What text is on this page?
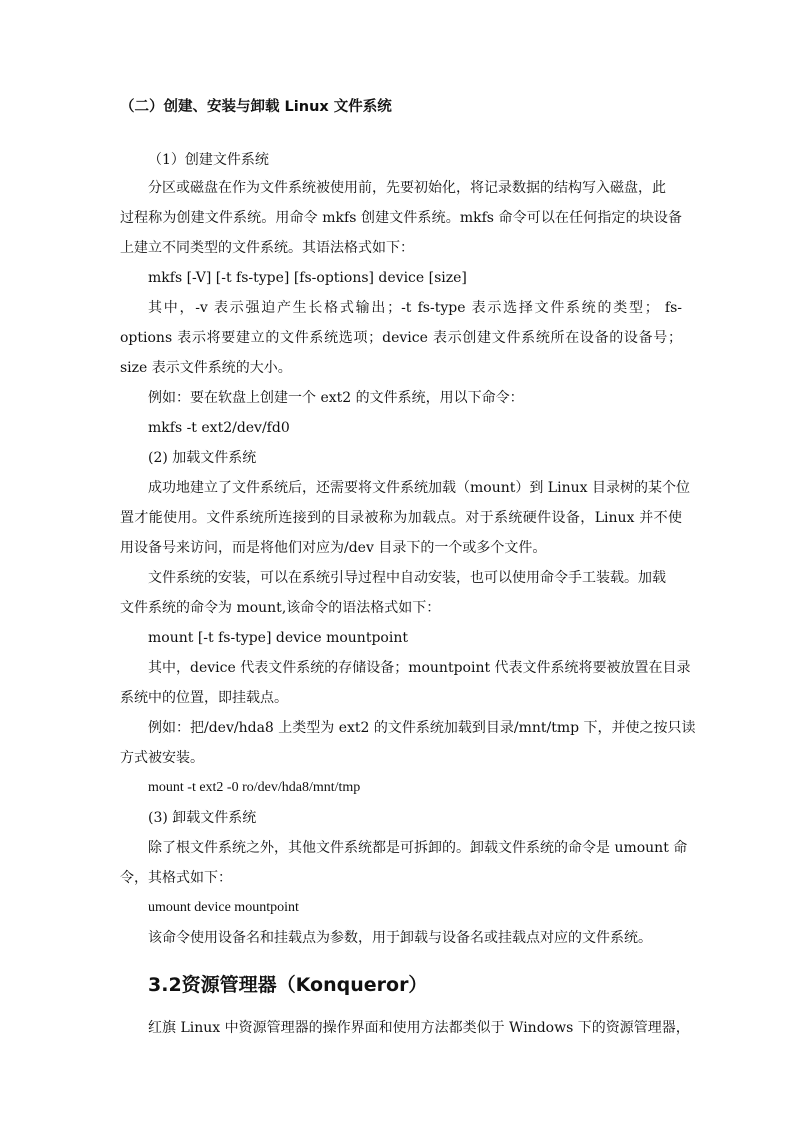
（二）创建、安装与卸载 Linux 文件系统

（1）创建文件系统

分区或磁盘在作为文件系统被使用前，先要初始化，将记录数据的结构写入磁盘，此

过程称为创建文件系统。用命令 mkfs 创建文件系统。mkfs 命令可以在任何指定的块设备

上建立不同类型的文件系统。其语法格式如下：

mkfs [-V] [-t fs-type] [fs-options] device [size]

其中，-v 表示强迫产生长格式输出；-t fs-type 表示选择文件系统的类型； fs-

options 表示将要建立的文件系统选项；device 表示创建文件系统所在设备的设备号；

size 表示文件系统的大小。

例如：要在软盘上创建一个 ext2 的文件系统，用以下命令：

mkfs -t ext2/dev/fd0

(2) 加载文件系统

成功地建立了文件系统后，还需要将文件系统加载（mount）到 Linux 目录树的某个位

置才能使用。文件系统所连接到的目录被称为加载点。对于系统硬件设备，Linux 并不使

用设备号来访问，而是将他们对应为/dev 目录下的一个或多个文件。

文件系统的安装，可以在系统引导过程中自动安装，也可以使用命令手工装载。加载

文件系统的命令为 mount,该命令的语法格式如下：

mount [-t fs-type] device mountpoint

其中，device 代表文件系统的存储设备；mountpoint 代表文件系统将要被放置在目录

系统中的位置，即挂载点。

例如：把/dev/hda8 上类型为 ext2 的文件系统加载到目录/mnt/tmp 下，并使之按只读

方式被安装。

mount -t ext2 -0 ro/dev/hda8/mnt/tmp

(3) 卸载文件系统

除了根文件系统之外，其他文件系统都是可拆卸的。卸载文件系统的命令是 umount 命

令，其格式如下：

umount device mountpoint

该命令使用设备名和挂载点为参数，用于卸载与设备名或挂载点对应的文件系统。

3.2资源管理器（Konqueror）

红旗 Linux 中资源管理器的操作界面和使用方法都类似于 Windows 下的资源管理器，
